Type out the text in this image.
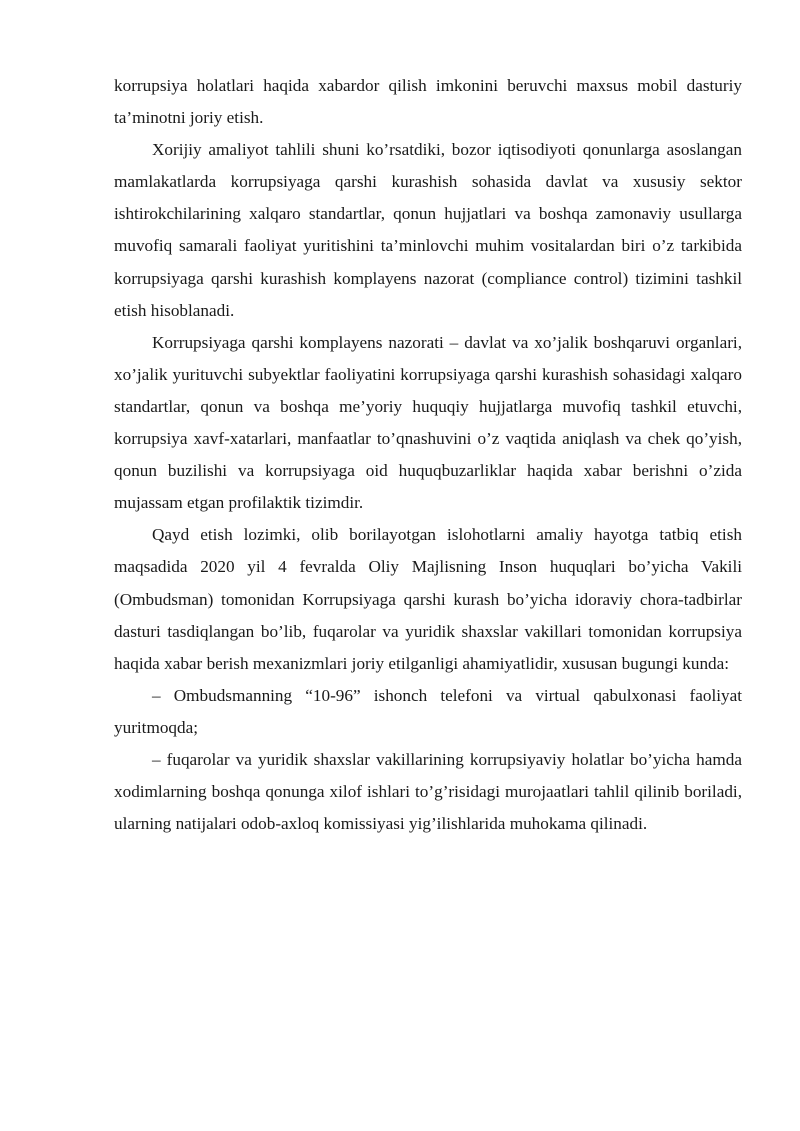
korrupsiya holatlari haqida xabardor qilish imkonini beruvchi maxsus mobil dasturiy ta’minotni joriy etish.

Xorijiy amaliyot tahlili shuni ko’rsatdiki, bozor iqtisodiyoti qonunlarga asoslangan mamlakatlarda korrupsiyaga qarshi kurashish sohasida davlat va xususiy sektor ishtirokchilarining xalqaro standartlar, qonun hujjatlari va boshqa zamonaviy usullarga muvofiq samarali faoliyat yuritishini ta’minlovchi muhim vositalardan biri o’z tarkibida korrupsiyaga qarshi kurashish komplayens nazorat (compliance control) tizimini tashkil etish hisoblanadi.

Korrupsiyaga qarshi komplayens nazorati – davlat va xo’jalik boshqaruvi organlari, xo’jalik yurituvchi subyektlar faoliyatini korrupsiyaga qarshi kurashish sohasidagi xalqaro standartlar, qonun va boshqa me’yoriy huquqiy hujjatlarga muvofiq tashkil etuvchi, korrupsiya xavf-xatarlari, manfaatlar to’qnashuvini o’z vaqtida aniqlash va chek qo’yish, qonun buzilishi va korrupsiyaga oid huquqbuzarliklar haqida xabar berishni o’zida mujassam etgan profilaktik tizimdir.

Qayd etish lozimki, olib borilayotgan islohotlarni amaliy hayotga tatbiq etish maqsadida 2020 yil 4 fevralda Oliy Majlisning Inson huquqlari bo’yicha Vakili (Ombudsman) tomonidan Korrupsiyaga qarshi kurash bo’yicha idoraviy chora-tadbirlar dasturi tasdiqlangan bo’lib, fuqarolar va yuridik shaxslar vakillari tomonidan korrupsiya haqida xabar berish mexanizmlari joriy etilganligi ahamiyatlidir, xususan bugungi kunda:

– Ombudsmanning “10-96” ishonch telefoni va virtual qabulxonasi faoliyat yuritmoqda;

– fuqarolar va yuridik shaxslar vakillarining korrupsiyaviy holatlar bo’yicha hamda xodimlarning boshqa qonunga xilof ishlari to’g’risidagi murojaatlari tahlil qilinib boriladi, ularning natijalari odob-axloq komissiyasi yig’ilishlarida muhokama qilinadi.
